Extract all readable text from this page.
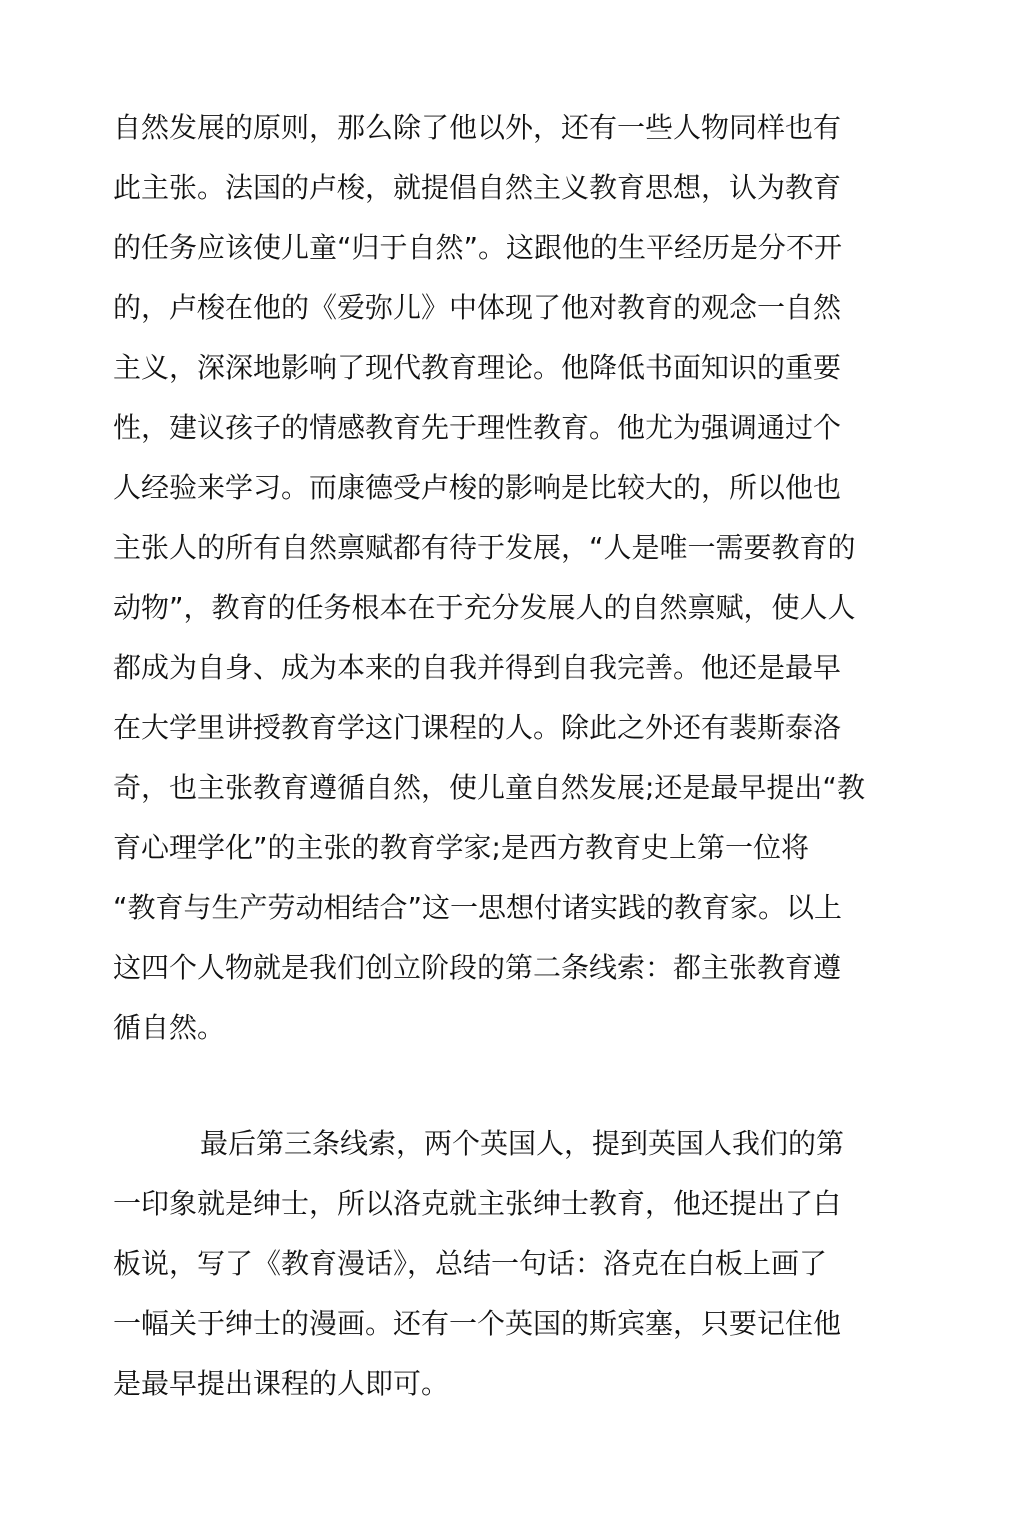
自然发展的原则，那么除了他以外，还有一些人物同样也有
此主张。法国的卢梭，就提倡自然主义教育思想，认为教育
的任务应该使儿童“归于自然”。这跟他的生平经历是分不开
的，卢梭在他的《爱弥儿》中体现了他对教育的观念一自然
主义，深深地影响了现代教育理论。他降低书面知识的重要
性，建议孩子的情感教育先于理性教育。他尤为强调通过个
人经验来学习。而康德受卢梭的影响是比较大的，所以他也
主张人的所有自然禀赋都有待于发展，“人是唯一需要教育的
动物”，教育的任务根本在于充分发展人的自然禀赋，使人人
都成为自身、成为本来的自我并得到自我完善。他还是最早
在大学里讲授教育学这门课程的人。除此之外还有裴斯泰洛
奇，也主张教育遵循自然，使儿童自然发展;还是最早提出“教
育心理学化”的主张的教育学家;是西方教育史上第一位将
“教育与生产劳动相结合”这一思想付诸实践的教育家。以上
这四个人物就是我们创立阶段的第二条线索：都主张教育遵
循自然。
最后第三条线索，两个英国人，提到英国人我们的第
一印象就是绅士，所以洛克就主张绅士教育，他还提出了白
板说，写了《教育漫话》，总结一句话：洛克在白板上画了
一幅关于绅士的漫画。还有一个英国的斯宾塞，只要记住他
是最早提出课程的人即可。
